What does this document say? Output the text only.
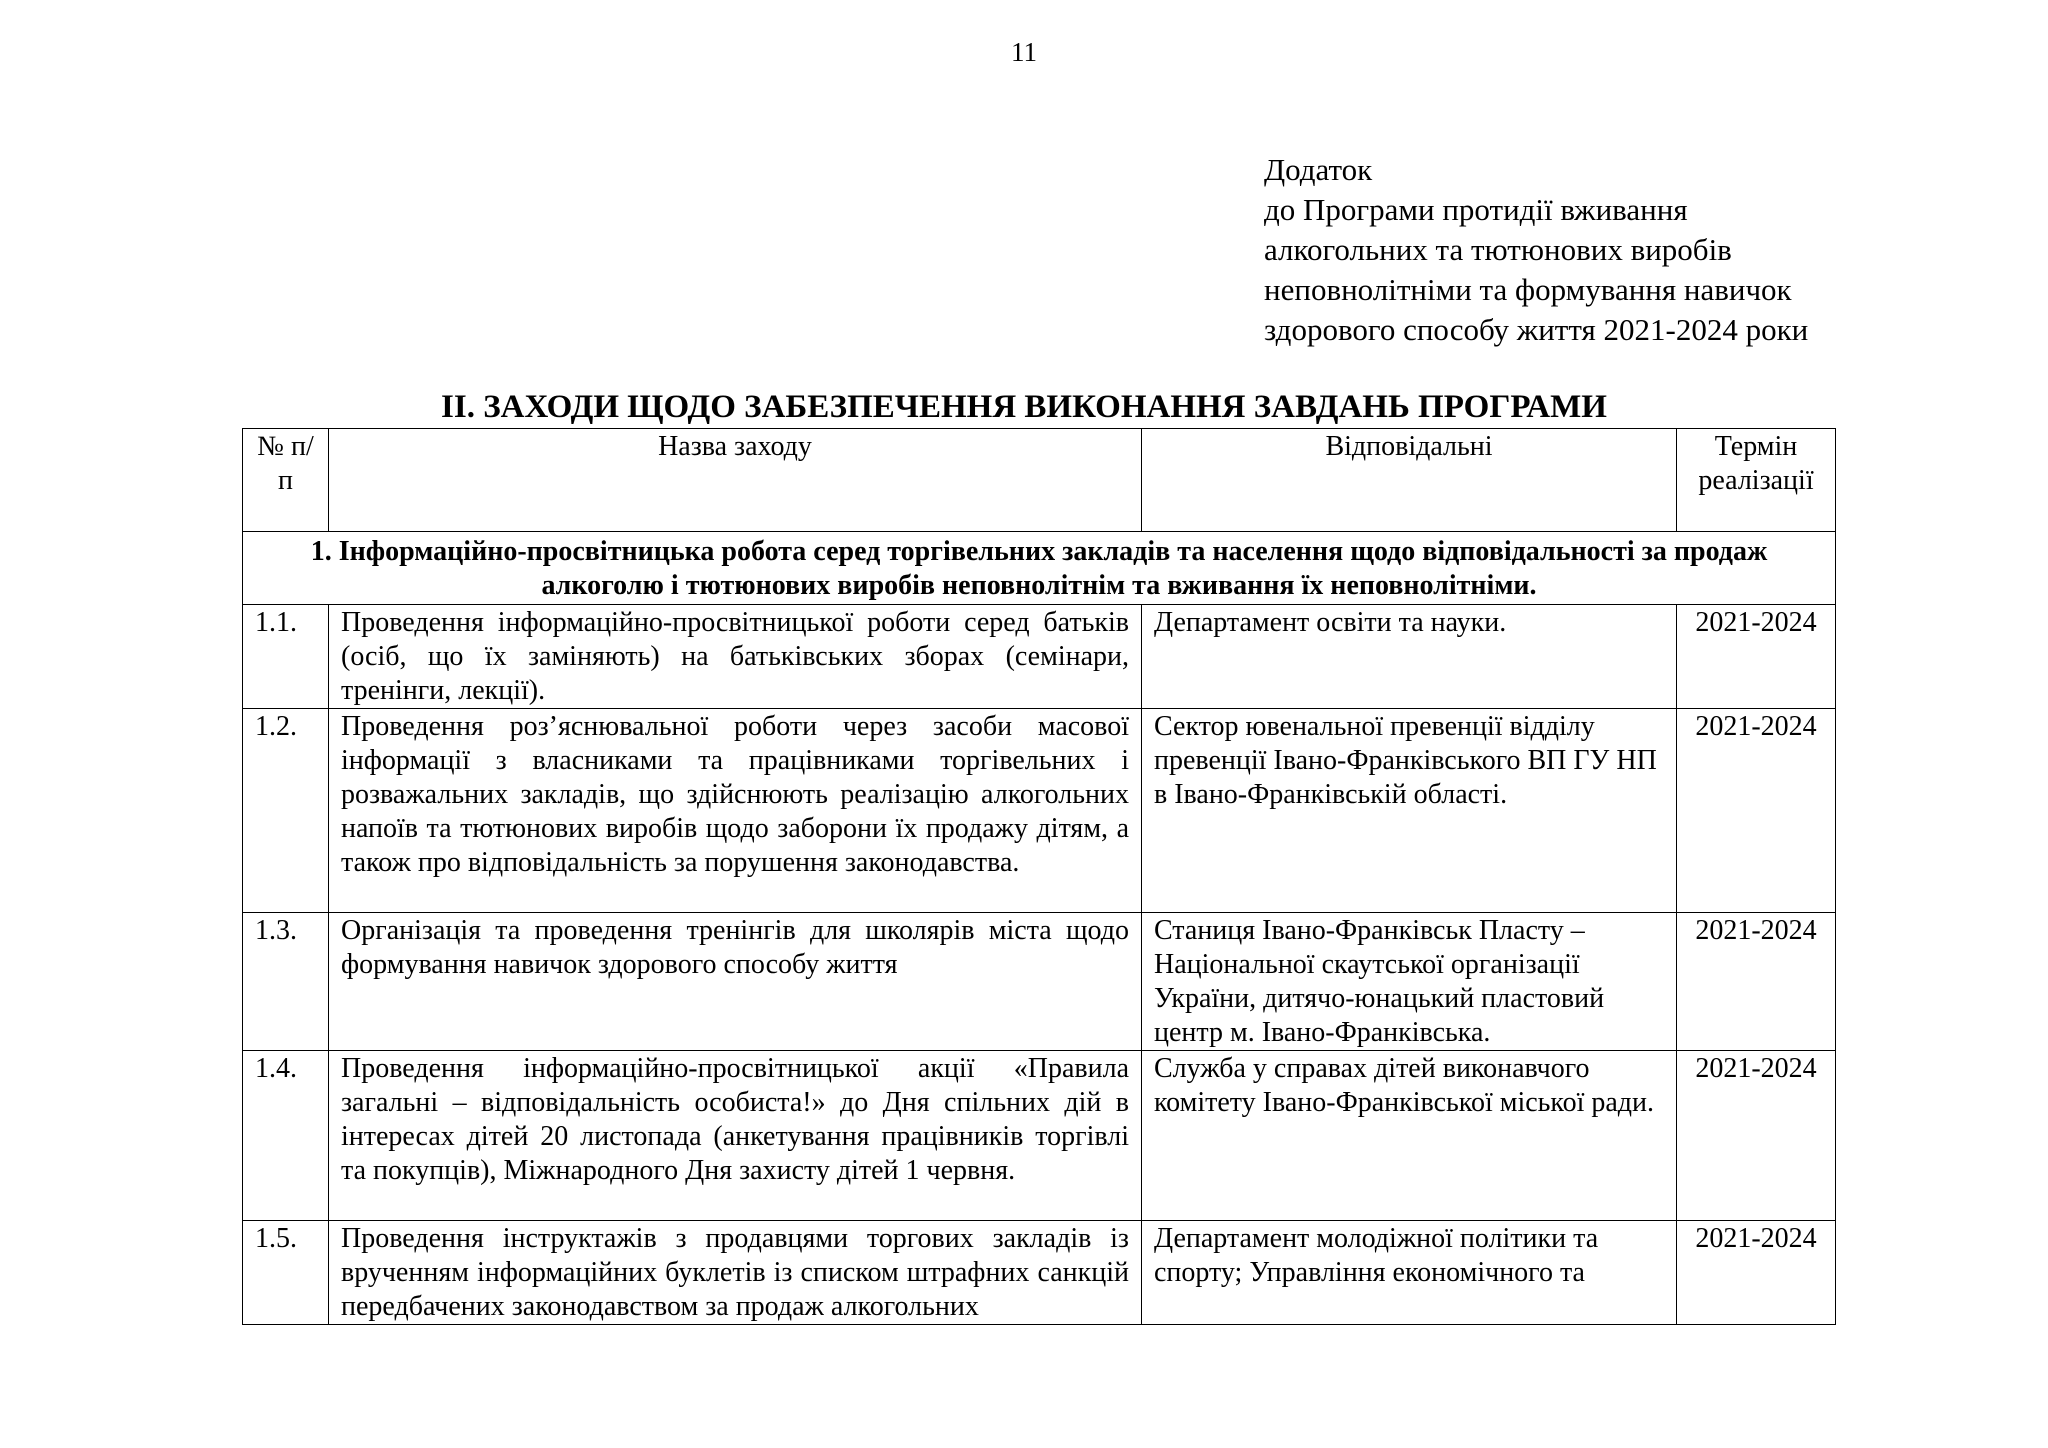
11
Додаток
до Програми протидії вживання
алкогольних та тютюнових виробів
неповнолітніми та формування навичок
здорового способу життя 2021-2024 роки
ІІ. ЗАХОДИ ЩОДО ЗАБЕЗПЕЧЕННЯ ВИКОНАННЯ ЗАВДАНЬ ПРОГРАМИ
№ п/п	Назва заходу	Відповідальні	Термін реалізації
1. Інформаційно-просвітницька робота серед торгівельних закладів та населення щодо відповідальності за продаж алкоголю і тютюнових виробів неповнолітнім та вживання їх неповнолітніми.			
1.1.	Проведення інформаційно-просвітницької роботи серед батьків (осіб, що їх заміняють) на батьківських зборах (семінари, тренінги, лекції).	Департамент освіти та науки.	2021-2024
1.2.	Проведення роз’яснювальної роботи через засоби масової інформації з власниками та працівниками торгівельних і розважальних закладів, що здійснюють реалізацію алкогольних напоїв та тютюнових виробів щодо заборони їх продажу дітям, а також про відповідальність за порушення законодавства.	Сектор ювенальної превенції відділу превенції Івано-Франківського ВП ГУ НП в Івано-Франківській області.	2021-2024
1.3.	Організація та проведення тренінгів для школярів міста щодо формування навичок здорового способу життя	Станиця Івано-Франківськ Пласту – Національної скаутської організації України, дитячо-юнацький пластовий центр м. Івано-Франківська.	2021-2024
1.4.	Проведення інформаційно-просвітницької акції «Правила загальні – відповідальність особиста!» до Дня спільних дій в інтересах дітей 20 листопада (анкетування працівників торгівлі та покупців), Міжнародного Дня захисту дітей 1 червня.	Служба у справах дітей виконавчого комітету Івано-Франківської міської ради.	2021-2024
1.5.	Проведення інструктажів з продавцями торгових закладів із врученням інформаційних буклетів із списком штрафних санкцій передбачених законодавством за продаж алкогольних	Департамент молодіжної політики та спорту; Управління економічного та	2021-2024
